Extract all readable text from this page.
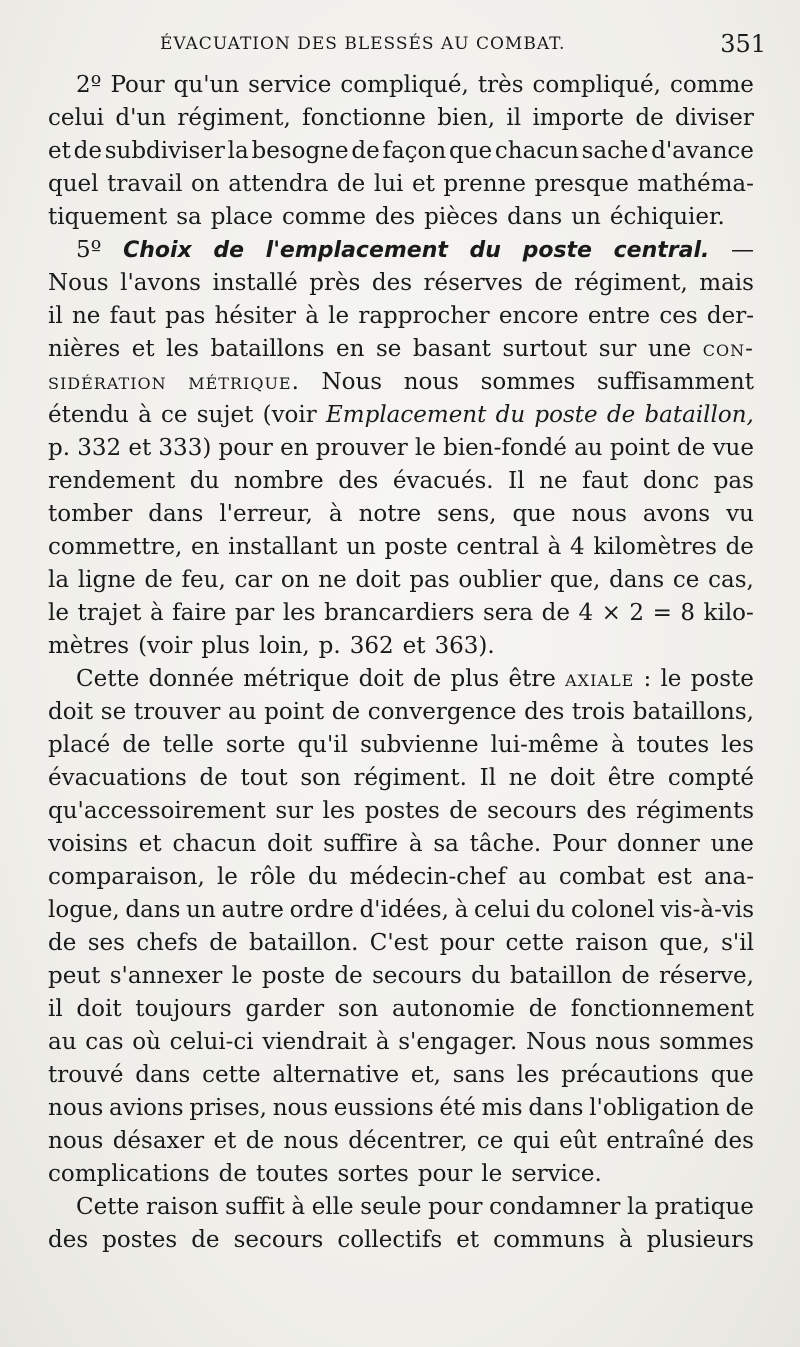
ÉVACUATION DES BLESSÉS AU COMBAT.	351
2º Pour qu'un service compliqué, très compliqué, comme
celui d'un régiment, fonctionne bien, il importe de diviser
et de subdiviser la besogne de façon que chacun sache d'avance
quel travail on attendra de lui et prenne presque mathéma-
tiquement sa place comme des pièces dans un échiquier.
5º Choix de l'emplacement du poste central. —
Nous l'avons installé près des réserves de régiment, mais
il ne faut pas hésiter à le rapprocher encore entre ces der-
nières et les bataillons en se basant surtout sur une con-
sidération métrique. Nous nous sommes suffisamment
étendu à ce sujet (voir Emplacement du poste de bataillon,
p. 332 et 333) pour en prouver le bien-fondé au point de vue
rendement du nombre des évacués. Il ne faut donc pas
tomber dans l'erreur, à notre sens, que nous avons vu
commettre, en installant un poste central à 4 kilomètres de
la ligne de feu, car on ne doit pas oublier que, dans ce cas,
le trajet à faire par les brancardiers sera de 4 × 2 = 8 kilo-
mètres (voir plus loin, p. 362 et 363).
Cette donnée métrique doit de plus être axiale : le poste
doit se trouver au point de convergence des trois bataillons,
placé de telle sorte qu'il subvienne lui-même à toutes les
évacuations de tout son régiment. Il ne doit être compté
qu'accessoirement sur les postes de secours des régiments
voisins et chacun doit suffire à sa tâche. Pour donner une
comparaison, le rôle du médecin-chef au combat est ana-
logue, dans un autre ordre d'idées, à celui du colonel vis-à-vis
de ses chefs de bataillon. C'est pour cette raison que, s'il
peut s'annexer le poste de secours du bataillon de réserve,
il doit toujours garder son autonomie de fonctionnement
au cas où celui-ci viendrait à s'engager. Nous nous sommes
trouvé dans cette alternative et, sans les précautions que
nous avions prises, nous eussions été mis dans l'obligation de
nous désaxer et de nous décentrer, ce qui eût entraîné des
complications de toutes sortes pour le service.
Cette raison suffit à elle seule pour condamner la pratique
des postes de secours collectifs et communs à plusieurs
